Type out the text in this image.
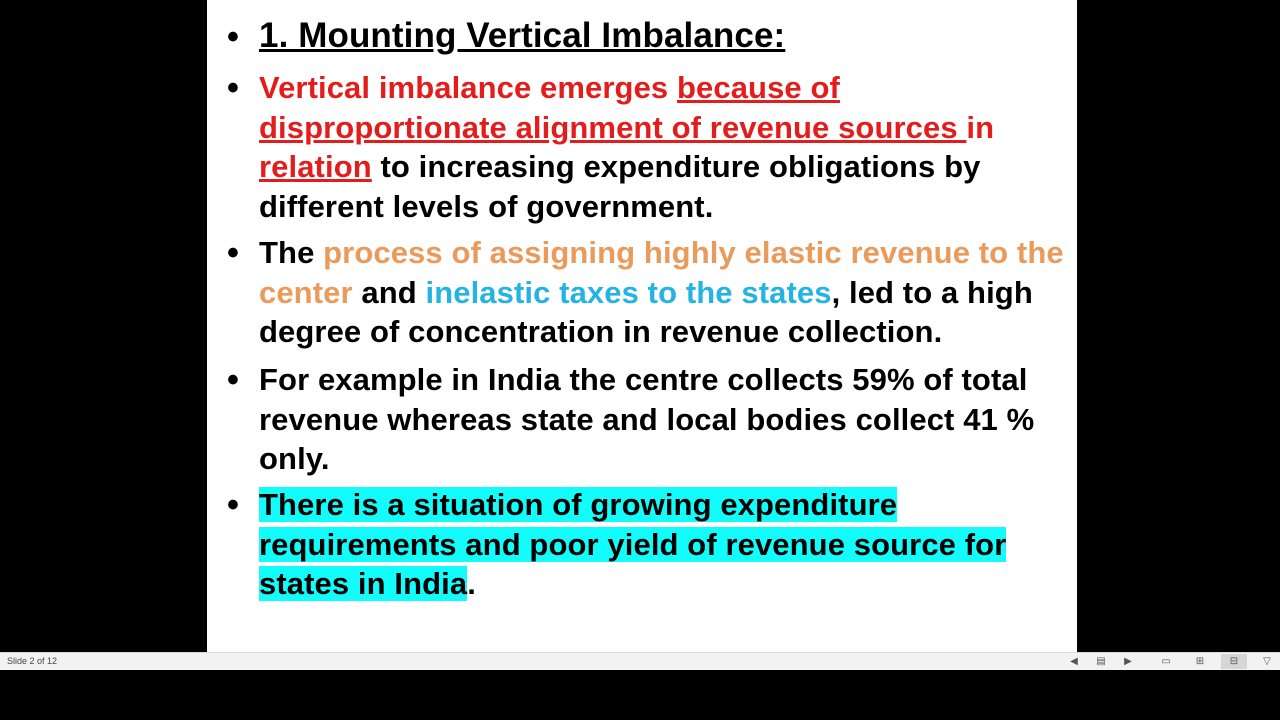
• 1. Mounting Vertical Imbalance:
• Vertical imbalance emerges because of disproportionate alignment of revenue sources in relation to increasing expenditure obligations by different levels of government.
• The process of assigning highly elastic revenue to the center and inelastic taxes to the states, led to a high degree of concentration in revenue collection.
• For example in India the centre collects 59% of total revenue whereas state and local bodies collect 41 % only.
• There is a situation of growing expenditure requirements and poor yield of revenue source for states in India.
Slide 2 of 12	◀ ▤ ▶	▭	⊞	⊟	▽
